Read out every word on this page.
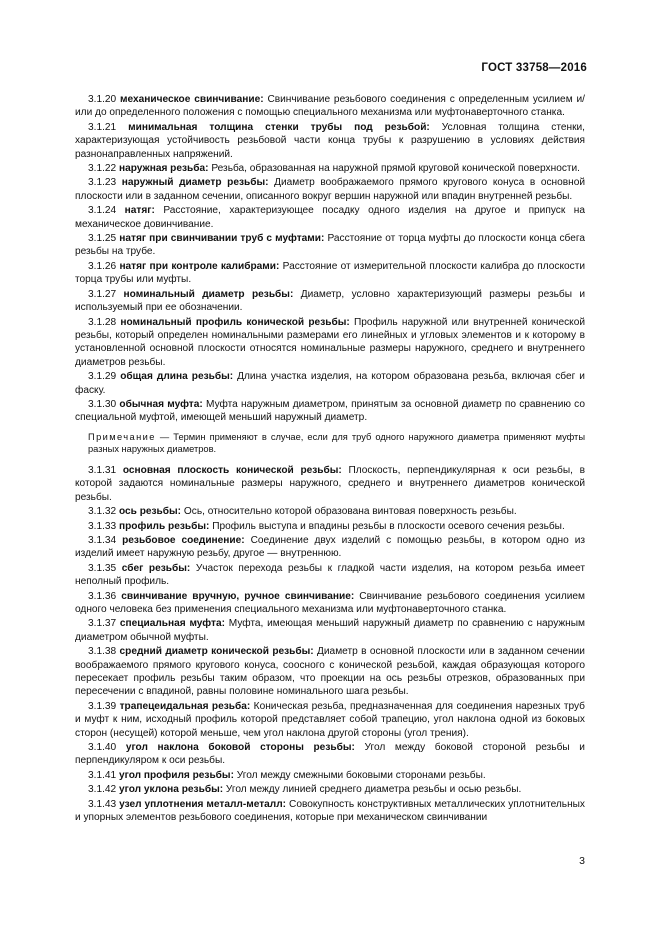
ГОСТ 33758—2016

3.1.20 механическое свинчивание: Свинчивание резьбового соединения с определенным усилием и/или до определенного положения с помощью специального механизма или муфтонаверточного станка.

3.1.21 минимальная толщина стенки трубы под резьбой: Условная толщина стенки, характеризующая устойчивость резьбовой части конца трубы к разрушению в условиях действия разнонаправленных напряжений.

3.1.22 наружная резьба: Резьба, образованная на наружной прямой круговой конической поверхности.

3.1.23 наружный диаметр резьбы: Диаметр воображаемого прямого кругового конуса в основной плоскости или в заданном сечении, описанного вокруг вершин наружной или впадин внутренней резьбы.

3.1.24 натяг: Расстояние, характеризующее посадку одного изделия на другое и припуск на механическое довинчивание.

3.1.25 натяг при свинчивании труб с муфтами: Расстояние от торца муфты до плоскости конца сбега резьбы на трубе.

3.1.26 натяг при контроле калибрами: Расстояние от измерительной плоскости калибра до плоскости торца трубы или муфты.

3.1.27 номинальный диаметр резьбы: Диаметр, условно характеризующий размеры резьбы и используемый при ее обозначении.

3.1.28 номинальный профиль конической резьбы: Профиль наружной или внутренней конической резьбы, который определен номинальными размерами его линейных и угловых элементов и к которому в установленной основной плоскости относятся номинальные размеры наружного, среднего и внутреннего диаметров резьбы.

3.1.29 общая длина резьбы: Длина участка изделия, на котором образована резьба, включая сбег и фаску.

3.1.30 обычная муфта: Муфта наружным диаметром, принятым за основной диаметр по сравнению со специальной муфтой, имеющей меньший наружный диаметр.

Примечание — Термин применяют в случае, если для труб одного наружного диаметра применяют муфты разных наружных диаметров.

3.1.31 основная плоскость конической резьбы: Плоскость, перпендикулярная к оси резьбы, в которой задаются номинальные размеры наружного, среднего и внутреннего диаметров конической резьбы.

3.1.32 ось резьбы: Ось, относительно которой образована винтовая поверхность резьбы.

3.1.33 профиль резьбы: Профиль выступа и впадины резьбы в плоскости осевого сечения резьбы.

3.1.34 резьбовое соединение: Соединение двух изделий с помощью резьбы, в котором одно из изделий имеет наружную резьбу, другое — внутреннюю.

3.1.35 сбег резьбы: Участок перехода резьбы к гладкой части изделия, на котором резьба имеет неполный профиль.

3.1.36 свинчивание вручную, ручное свинчивание: Свинчивание резьбового соединения усилием одного человека без применения специального механизма или муфтонаверточного станка.

3.1.37 специальная муфта: Муфта, имеющая меньший наружный диаметр по сравнению с наружным диаметром обычной муфты.

3.1.38 средний диаметр конической резьбы: Диаметр в основной плоскости или в заданном сечении воображаемого прямого кругового конуса, соосного с конической резьбой, каждая образующая которого пересекает профиль резьбы таким образом, что проекции на ось резьбы отрезков, образованных при пересечении с впадиной, равны половине номинального шага резьбы.

3.1.39 трапецеидальная резьба: Коническая резьба, предназначенная для соединения нарезных труб и муфт к ним, исходный профиль которой представляет собой трапецию, угол наклона одной из боковых сторон (несущей) которой меньше, чем угол наклона другой стороны (угол трения).

3.1.40 угол наклона боковой стороны резьбы: Угол между боковой стороной резьбы и перпендикуляром к оси резьбы.

3.1.41 угол профиля резьбы: Угол между смежными боковыми сторонами резьбы.

3.1.42 угол уклона резьбы: Угол между линией среднего диаметра резьбы и осью резьбы.

3.1.43 узел уплотнения металл-металл: Совокупность конструктивных металлических уплотнительных и упорных элементов резьбового соединения, которые при механическом свинчивании

3
